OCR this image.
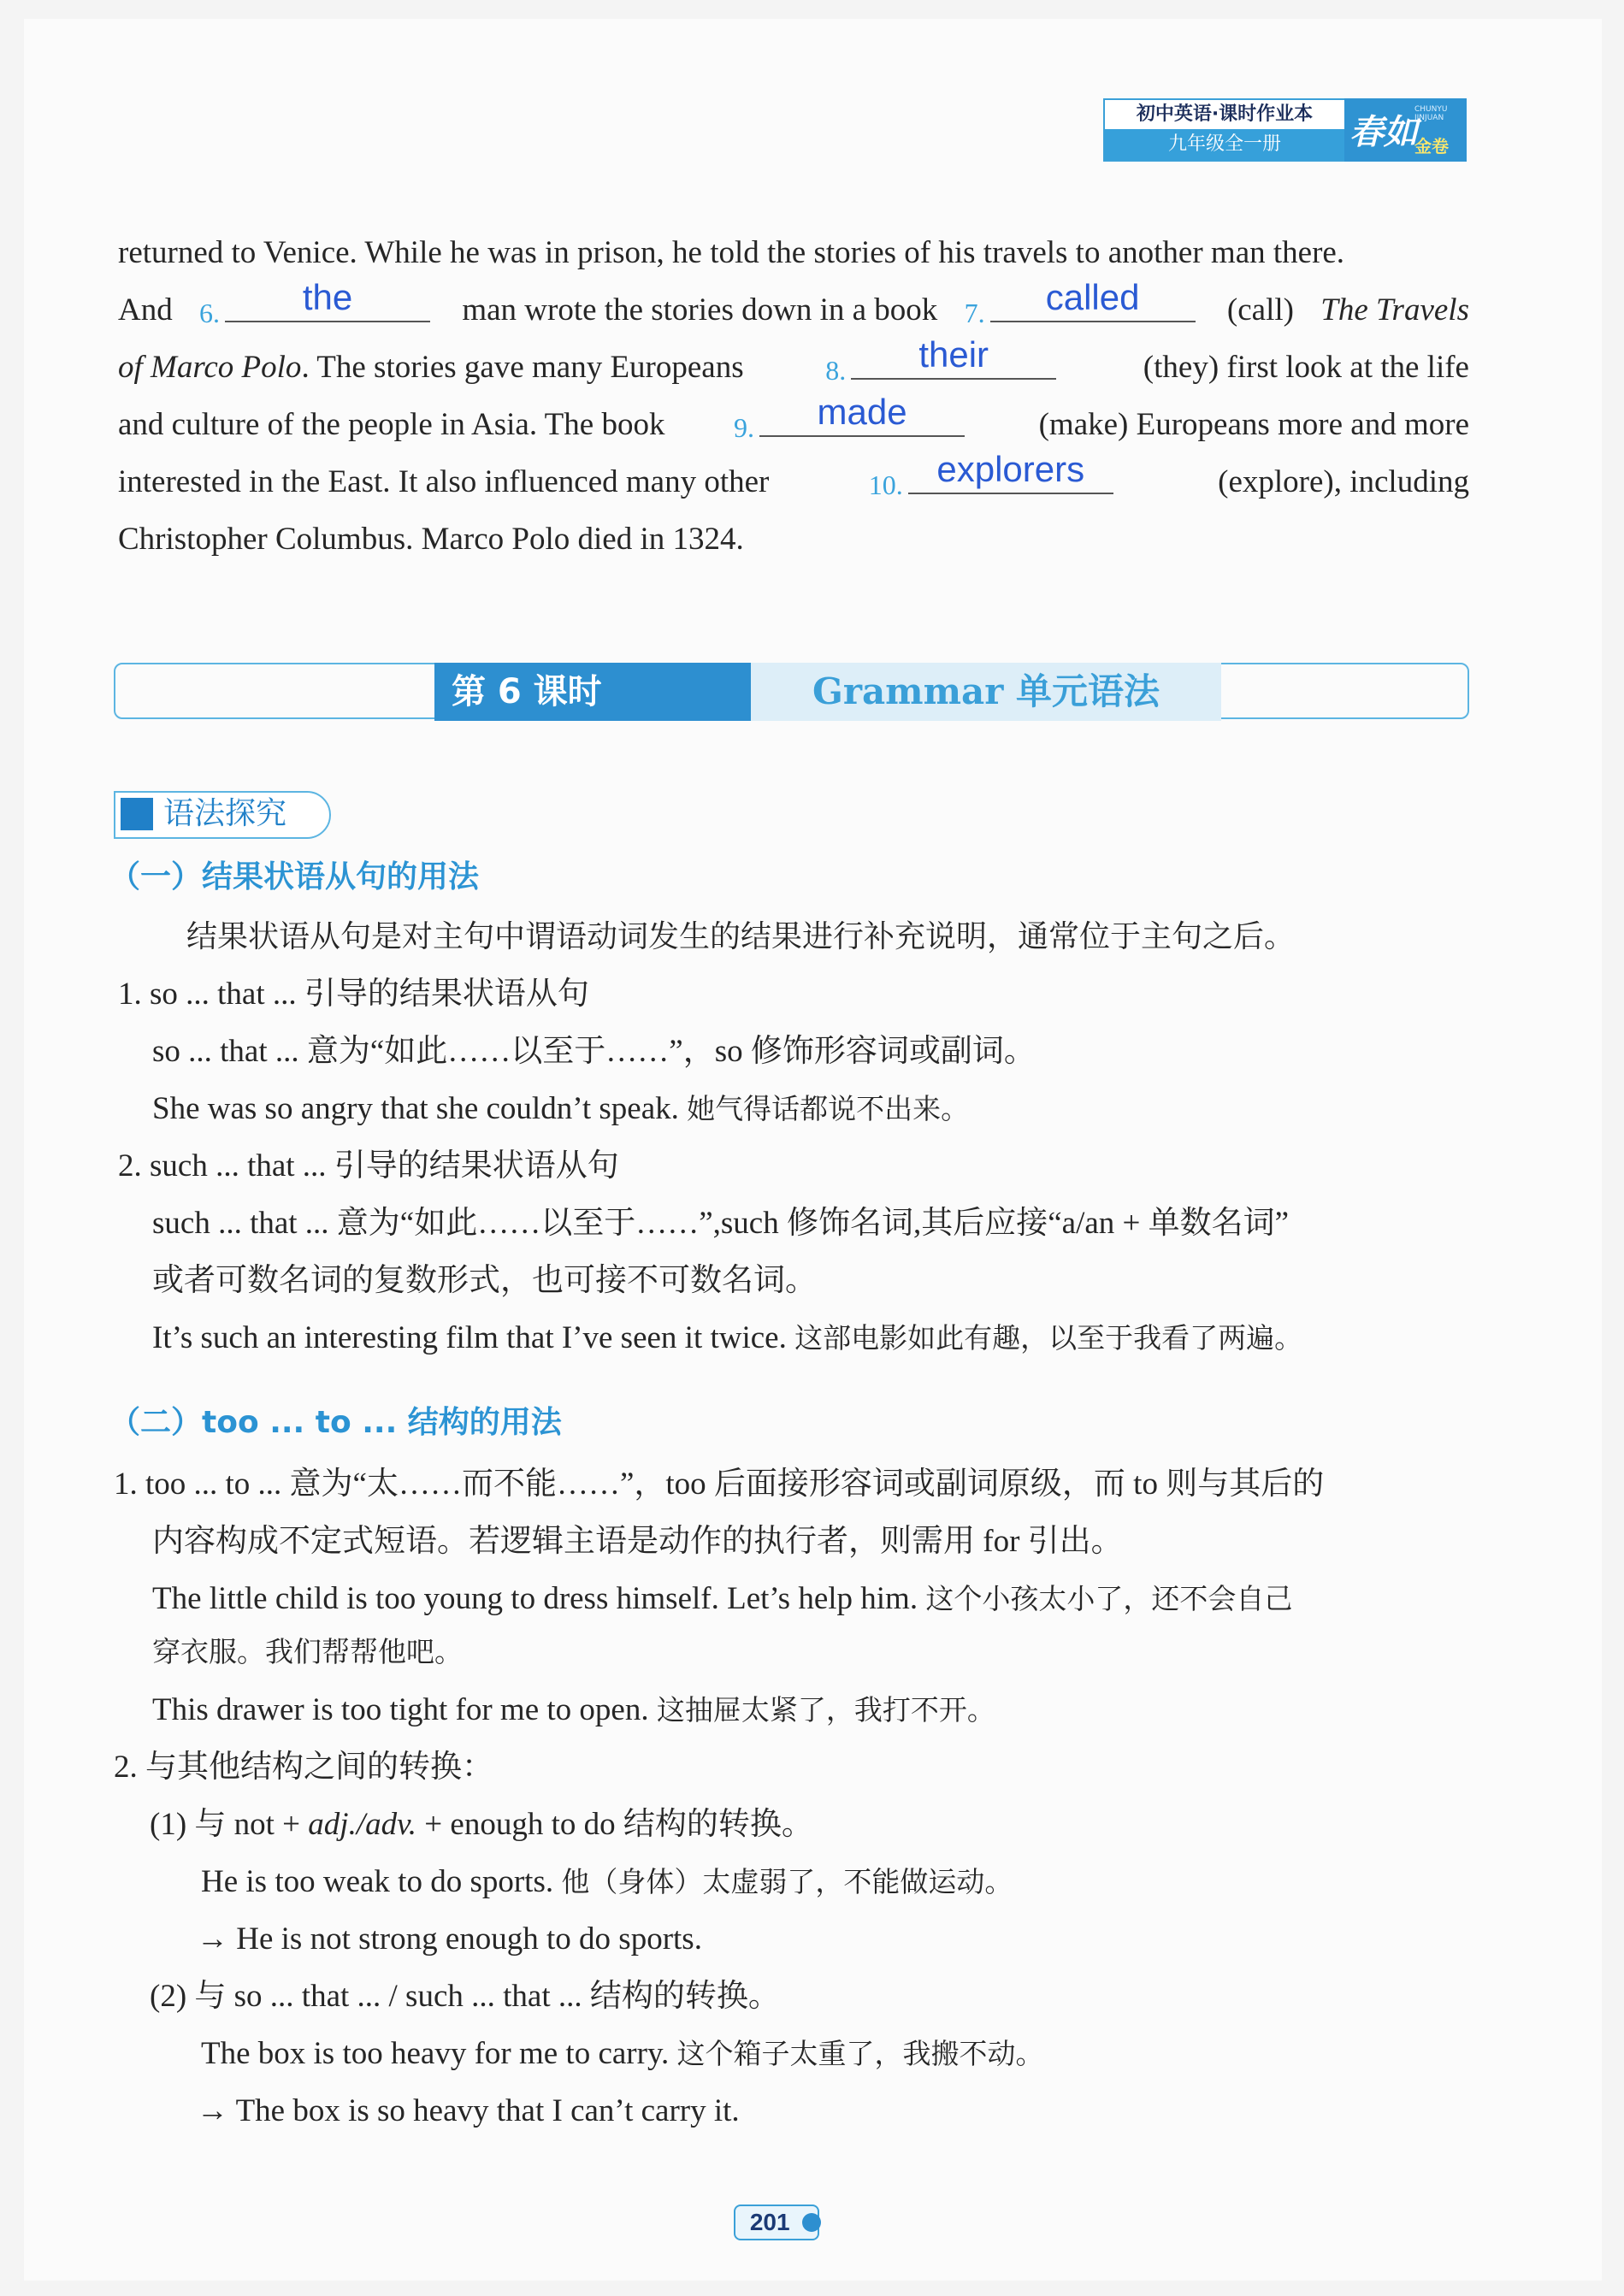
初中英语·课时作业本
九年级全一册	春如
CHUNYU JINJUAN
金卷
returned to Venice. While he was in prison, he told the stories of his travels to another man there.
And 6.	the	man wrote the stories down in a book 7.	called	(call) The Travels
of Marco Polo. The stories gave many Europeans	8.	their	(they) first look at the life
and culture of the people in Asia. The book	9.	made	(make) Europeans more and more
interested in the East. It also influenced many other	10. explorers	(explore), including
Christopher Columbus. Marco Polo died in 1324.
第 6 课时	Grammar 单元语法
语法探究
（一）结果状语从句的用法
结果状语从句是对主句中谓语动词发生的结果进行补充说明，通常位于主句之后。
1. so ... that ... 引导的结果状语从句
so ... that ... 意为“如此……以至于……”，so 修饰形容词或副词。
She was so angry that she couldn’t speak. 她气得话都说不出来。
2. such ... that ... 引导的结果状语从句
such ... that ... 意为“如此……以至于……”,such 修饰名词,其后应接“a/an + 单数名词”
或者可数名词的复数形式，也可接不可数名词。
It’s such an interesting film that I’ve seen it twice. 这部电影如此有趣，以至于我看了两遍。
（二）too ... to ... 结构的用法
1. too ... to ... 意为“太……而不能……”，too 后面接形容词或副词原级，而 to 则与其后的
内容构成不定式短语。若逻辑主语是动作的执行者，则需用 for 引出。
The little child is too young to dress himself. Let’s help him. 这个小孩太小了，还不会自己
穿衣服。我们帮帮他吧。
This drawer is too tight for me to open. 这抽屉太紧了，我打不开。
2. 与其他结构之间的转换：
(1) 与 not + adj./adv. + enough to do 结构的转换。
He is too weak to do sports. 他（身体）太虚弱了，不能做运动。
→ He is not strong enough to do sports.
(2) 与 so ... that ... / such ... that ... 结构的转换。
The box is too heavy for me to carry. 这个箱子太重了，我搬不动。
→ The box is so heavy that I can’t carry it.
201
